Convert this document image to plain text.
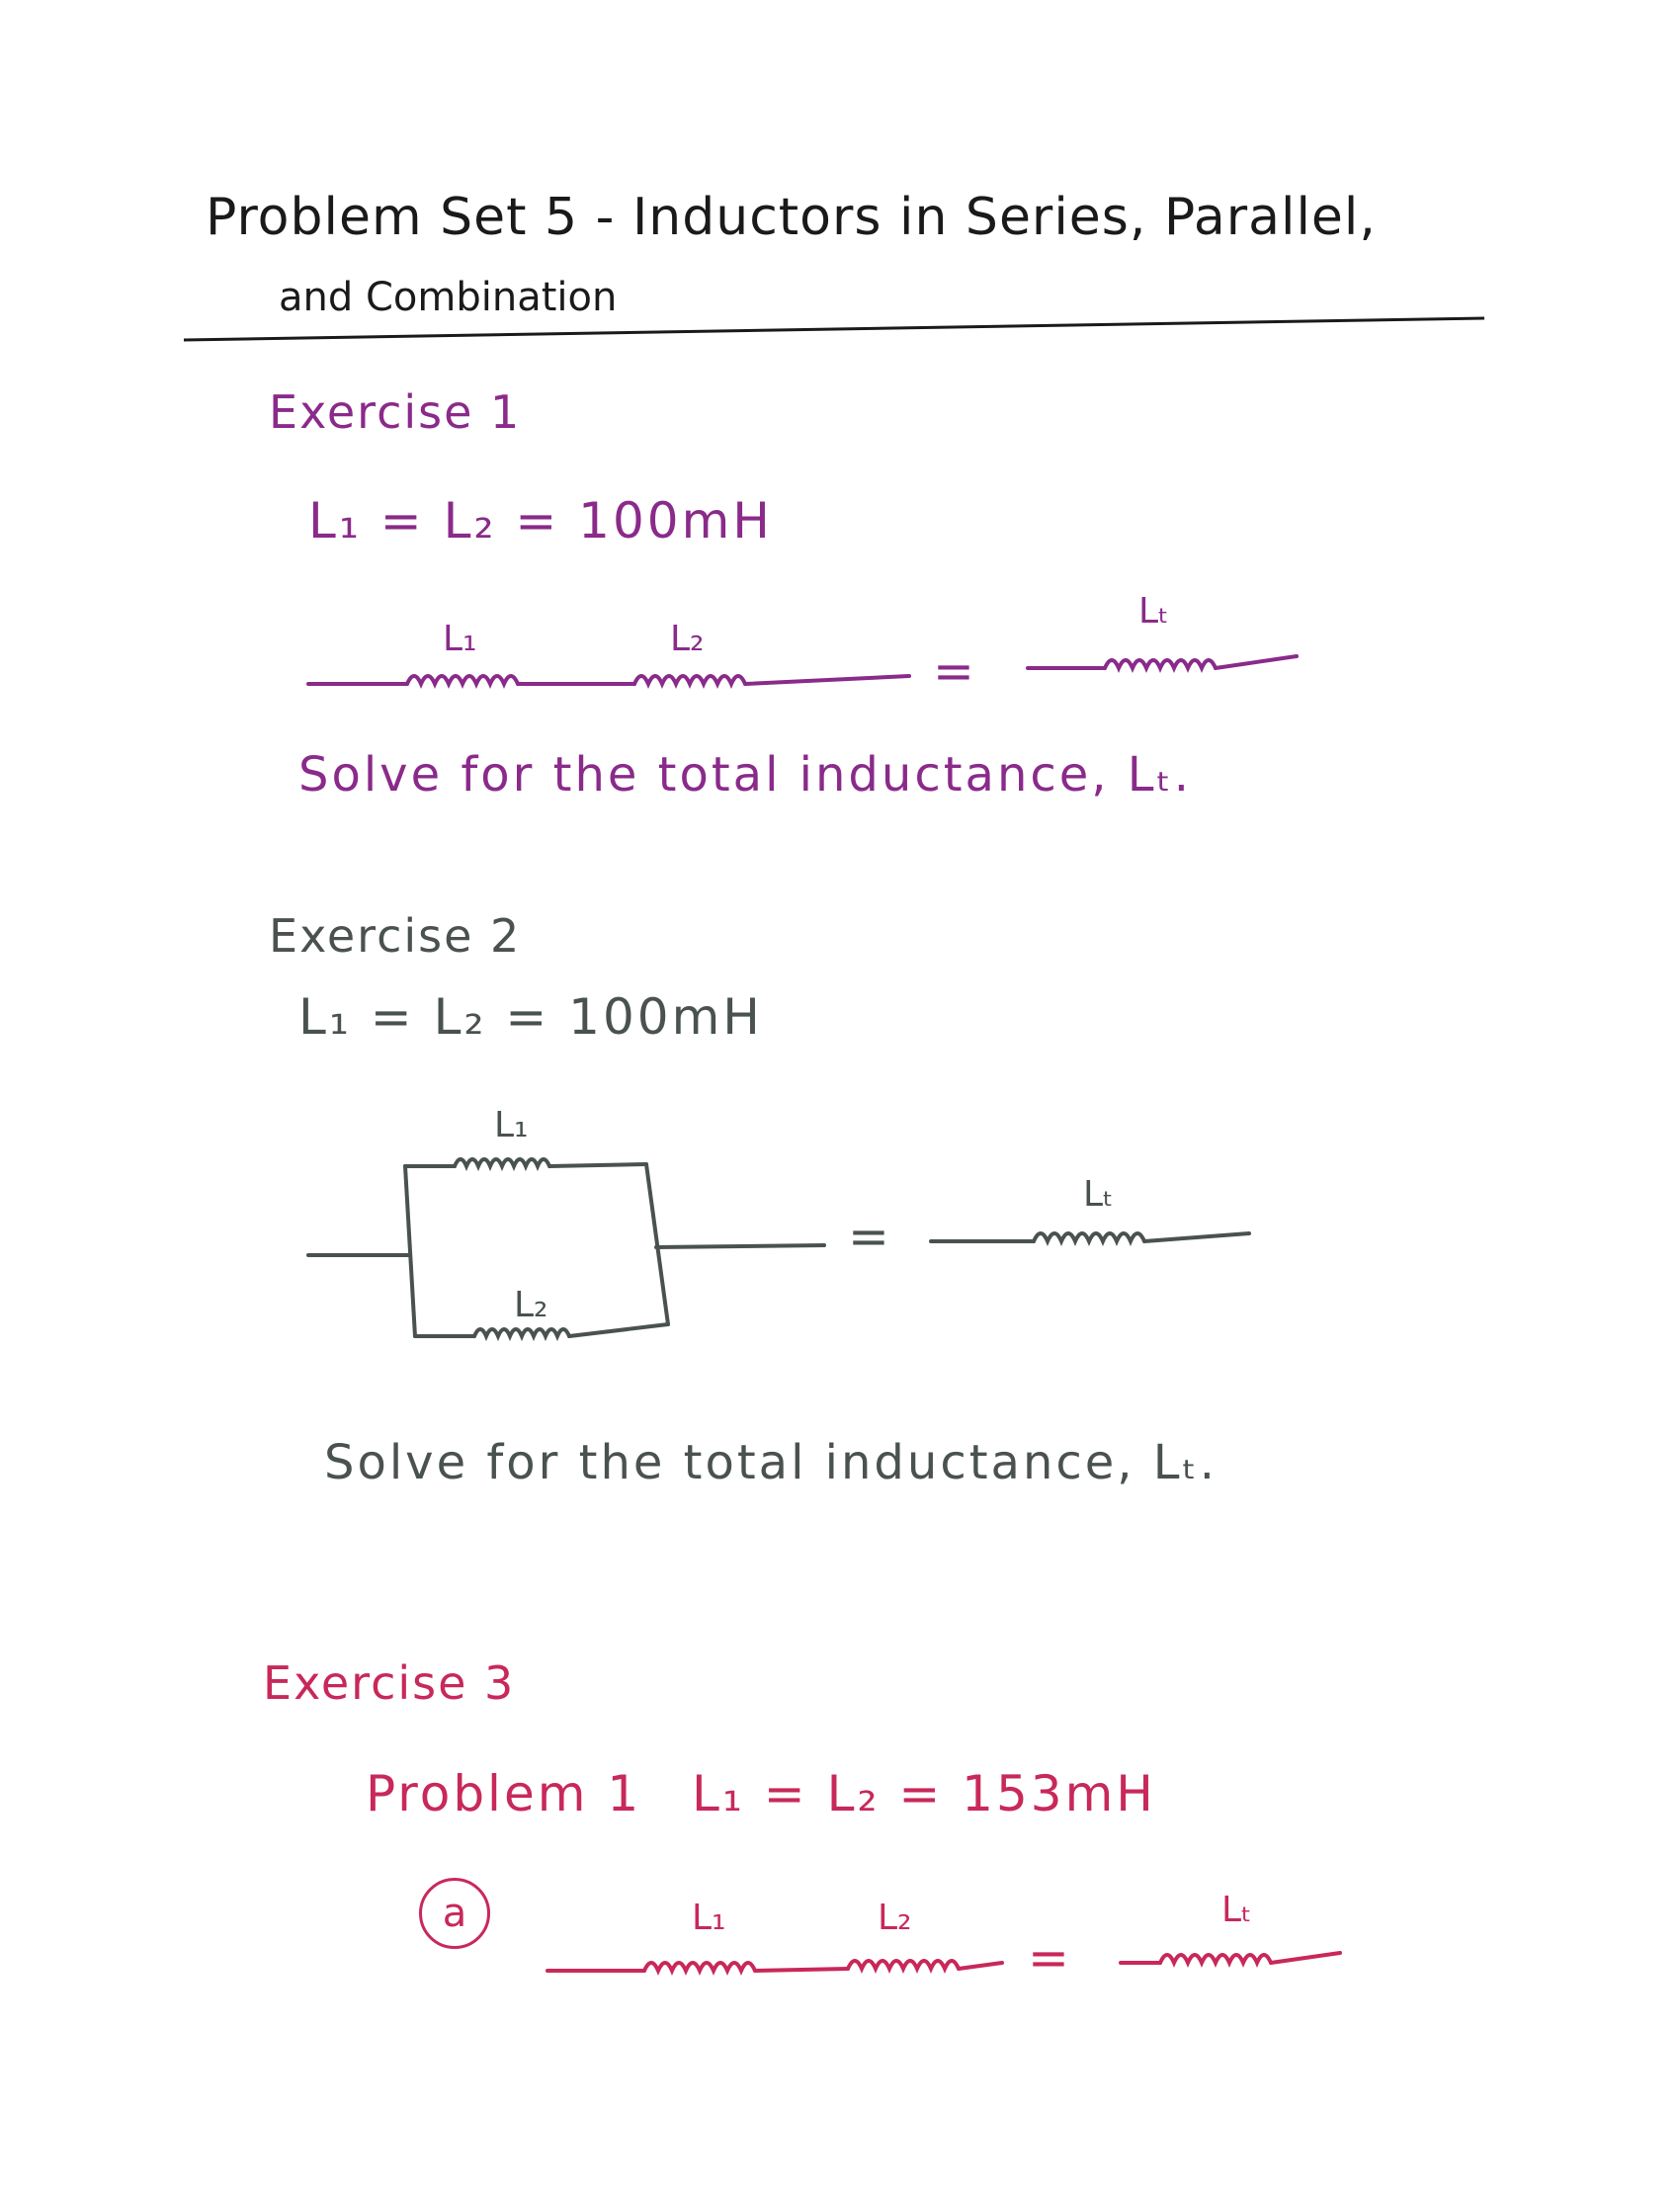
Problem Set 5 - Inductors in Series, Parallel,
and Combination
Exercise 1
L₁ = L₂ = 100mH
L₁	L₂
Lₜ
=
Solve for the total inductance, Lₜ.
Exercise 2
L₁ = L₂ = 100mH
L₁
L₂
Lₜ
=
Solve for the total inductance, Lₜ.
Exercise 3
Problem 1 L₁ = L₂ = 153mH
a	L₁	L₂	Lₜ
=
